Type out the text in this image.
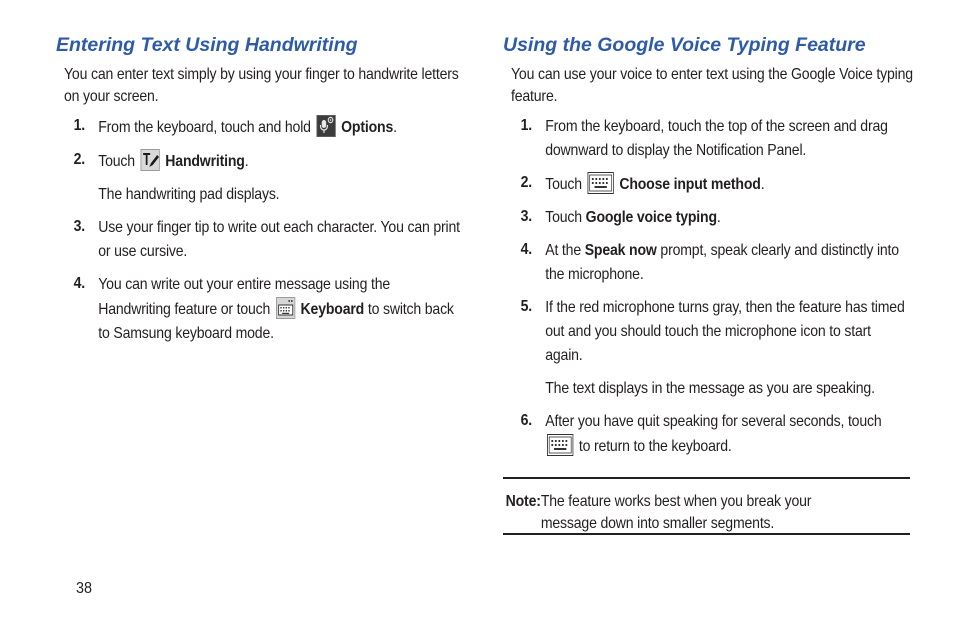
Entering Text Using Handwriting

You can enter text simply by using your finger to handwrite letters on your screen.

1. From the keyboard, touch and hold  Options.
2. Touch  Handwriting.

The handwriting pad displays.

3. Use your finger tip to write out each character. You can print or use cursive.
4. You can write out your entire message using the Handwriting feature or touch  Keyboard to switch back to Samsung keyboard mode.
Using the Google Voice Typing Feature

You can use your voice to enter text using the Google Voice typing feature.

1. From the keyboard, touch the top of the screen and drag downward to display the Notification Panel.
2. Touch  Choose input method.
3. Touch Google voice typing.
4. At the Speak now prompt, speak clearly and distinctly into the microphone.
5. If the red microphone turns gray, then the feature has timed out and you should touch the microphone icon to start again.

The text displays in the message as you are speaking.

6. After you have quit speaking for several seconds, touch  to return to the keyboard.
Note: The feature works best when you break your message down into smaller segments.
38
